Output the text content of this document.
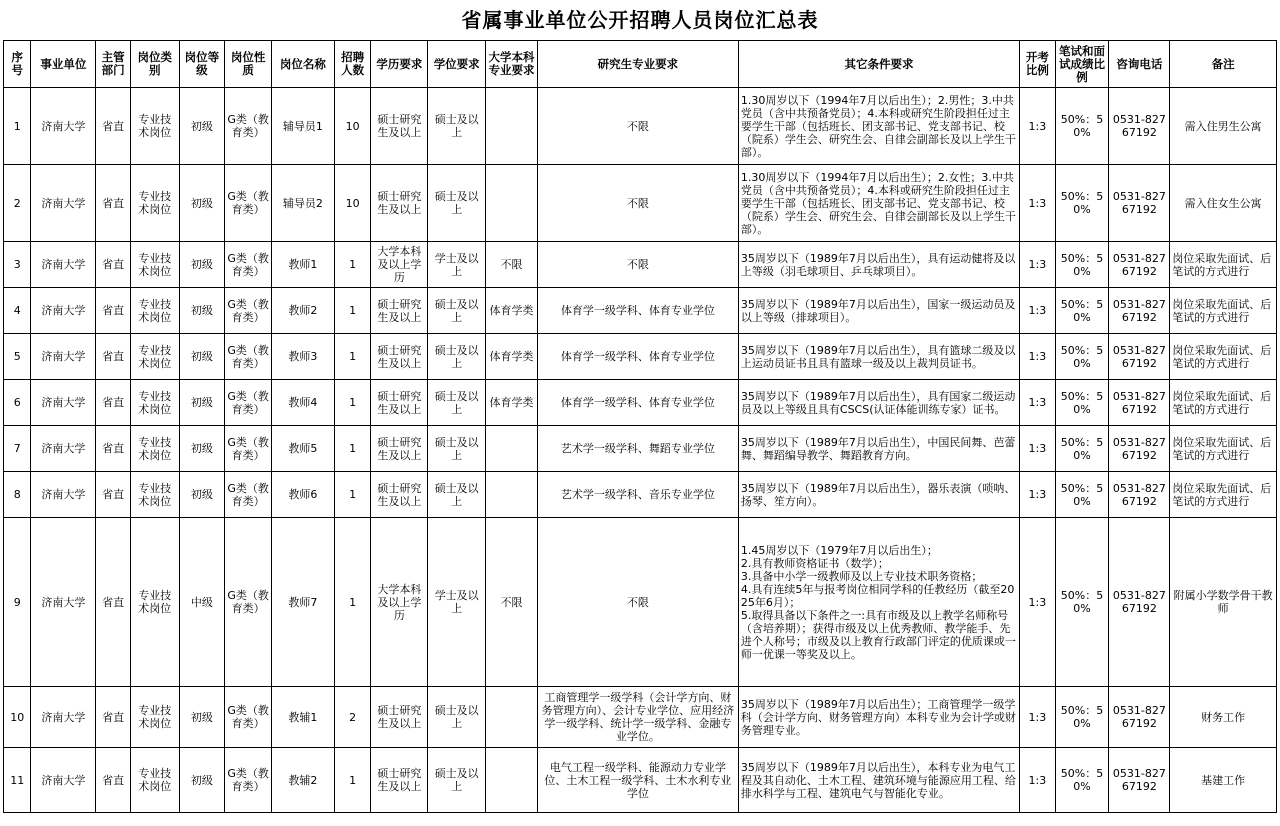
省属事业单位公开招聘人员岗位汇总表
序号	事业单位	主管部门	岗位类别	岗位等级	岗位性质	岗位名称	招聘人数	学历要求	学位要求	大学本科专业要求	研究生专业要求	其它条件要求	开考比例	笔试和面试成绩比例	咨询电话	备注
1	济南大学	省直	专业技术岗位	初级	G类（教育类）	辅导员1	10	硕士研究生及以上	硕士及以上		不限	1.30周岁以下（1994年7月以后出生）；2.男性；3.中共党员（含中共预备党员）；4.本科或研究生阶段担任过主要学生干部（包括班长、团支部书记、党支部书记、校（院系）学生会、研究生会、自律会副部长及以上学生干部）。	1:3	50%：50%	0531-82767192	需入住男生公寓
2	济南大学	省直	专业技术岗位	初级	G类（教育类）	辅导员2	10	硕士研究生及以上	硕士及以上		不限	1.30周岁以下（1994年7月以后出生）；2.女性；3.中共党员（含中共预备党员）；4.本科或研究生阶段担任过主要学生干部（包括班长、团支部书记、党支部书记、校（院系）学生会、研究生会、自律会副部长及以上学生干部）。	1:3	50%：50%	0531-82767192	需入住女生公寓
3	济南大学	省直	专业技术岗位	初级	G类（教育类）	教师1	1	大学本科及以上学历	学士及以上	不限	不限	35周岁以下（1989年7月以后出生），具有运动健将及以上等级（羽毛球项目、乒乓球项目）。	1:3	50%：50%	0531-82767192	岗位采取先面试、后笔试的方式进行
4	济南大学	省直	专业技术岗位	初级	G类（教育类）	教师2	1	硕士研究生及以上	硕士及以上	体育学类	体育学一级学科、体育专业学位	35周岁以下（1989年7月以后出生），国家一级运动员及以上等级（排球项目）。	1:3	50%：50%	0531-82767192	岗位采取先面试、后笔试的方式进行
5	济南大学	省直	专业技术岗位	初级	G类（教育类）	教师3	1	硕士研究生及以上	硕士及以上	体育学类	体育学一级学科、体育专业学位	35周岁以下（1989年7月以后出生），具有篮球二级及以上运动员证书且具有篮球一级及以上裁判员证书。	1:3	50%：50%	0531-82767192	岗位采取先面试、后笔试的方式进行
6	济南大学	省直	专业技术岗位	初级	G类（教育类）	教师4	1	硕士研究生及以上	硕士及以上	体育学类	体育学一级学科、体育专业学位	35周岁以下（1989年7月以后出生），具有国家二级运动员及以上等级且具有CSCS(认证体能训练专家）证书。	1:3	50%：50%	0531-82767192	岗位采取先面试、后笔试的方式进行
7	济南大学	省直	专业技术岗位	初级	G类（教育类）	教师5	1	硕士研究生及以上	硕士及以上		艺术学一级学科、舞蹈专业学位	35周岁以下（1989年7月以后出生），中国民间舞、芭蕾舞、舞蹈编导教学、舞蹈教育方向。	1:3	50%：50%	0531-82767192	岗位采取先面试、后笔试的方式进行
8	济南大学	省直	专业技术岗位	初级	G类（教育类）	教师6	1	硕士研究生及以上	硕士及以上		艺术学一级学科、音乐专业学位	35周岁以下（1989年7月以后出生），器乐表演（唢呐、扬琴、笙方向）。	1:3	50%：50%	0531-82767192	岗位采取先面试、后笔试的方式进行
9	济南大学	省直	专业技术岗位	中级	G类（教育类）	教师7	1	大学本科及以上学历	学士及以上	不限	不限	1.45周岁以下（1979年7月以后出生）；
2.具有教师资格证书（数学）；
3.具备中小学一级教师及以上专业技术职务资格；
4.具有连续5年与报考岗位相同学科的任教经历（截至2025年6月）；
5.取得具备以下条件之一:具有市级及以上教学名师称号（含培养期）；获得市级及以上优秀教师、教学能手、先进个人称号；市级及以上教育行政部门评定的优质课或一师一优课一等奖及以上。	1:3	50%：50%	0531-82767192	附属小学数学骨干教师
10	济南大学	省直	专业技术岗位	初级	G类（教育类）	教辅1	2	硕士研究生及以上	硕士及以上		工商管理学一级学科（会计学方向、财务管理方向）、会计专业学位、应用经济学一级学科、统计学一级学科、金融专业学位。	35周岁以下（1989年7月以后出生）；工商管理学一级学科（会计学方向、财务管理方向）本科专业为会计学或财务管理专业。	1:3	50%：50%	0531-82767192	财务工作
11	济南大学	省直	专业技术岗位	初级	G类（教育类）	教辅2	1	硕士研究生及以上	硕士及以上		电气工程一级学科、能源动力专业学位、土木工程一级学科、土木水利专业学位	35周岁以下（1989年7月以后出生），本科专业为电气工程及其自动化、土木工程、建筑环境与能源应用工程、给排水科学与工程、建筑电气与智能化专业。	1:3	50%：50%	0531-82767192	基建工作
